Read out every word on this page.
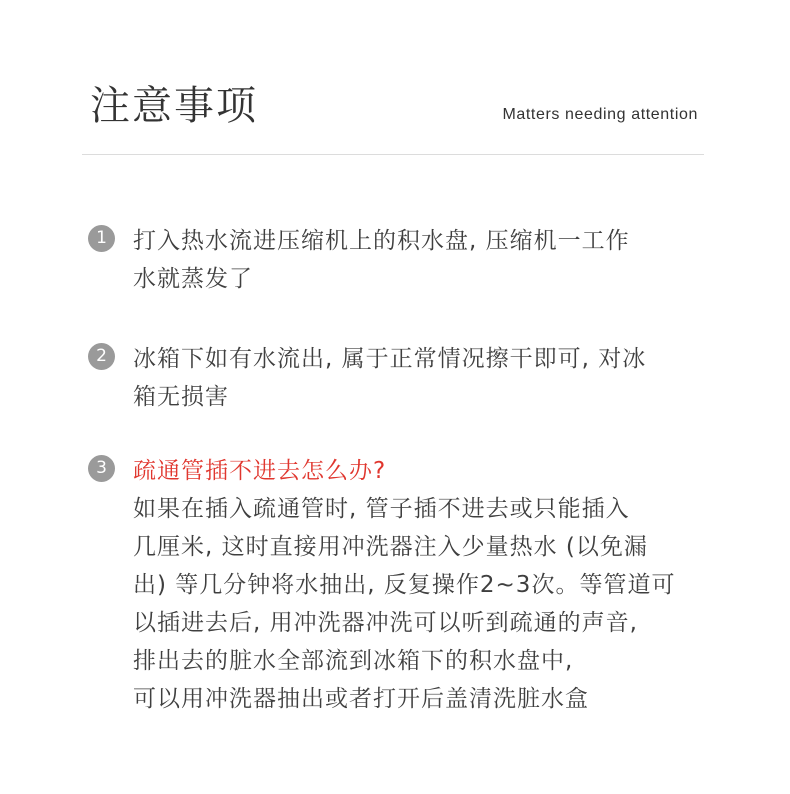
注意事项	Matters needing attention
1	打入热水流进压缩机上的积水盘, 压缩机一工作
水就蒸发了
2	冰箱下如有水流出, 属于正常情况擦干即可, 对冰
箱无损害
3	疏通管插不进去怎么办?
如果在插入疏通管时, 管子插不进去或只能插入
几厘米, 这时直接用冲洗器注入少量热水 (以免漏
出) 等几分钟将水抽出, 反复操作2~3次。等管道可
以插进去后, 用冲洗器冲洗可以听到疏通的声音,
排出去的脏水全部流到冰箱下的积水盘中,
可以用冲洗器抽出或者打开后盖清洗脏水盒
